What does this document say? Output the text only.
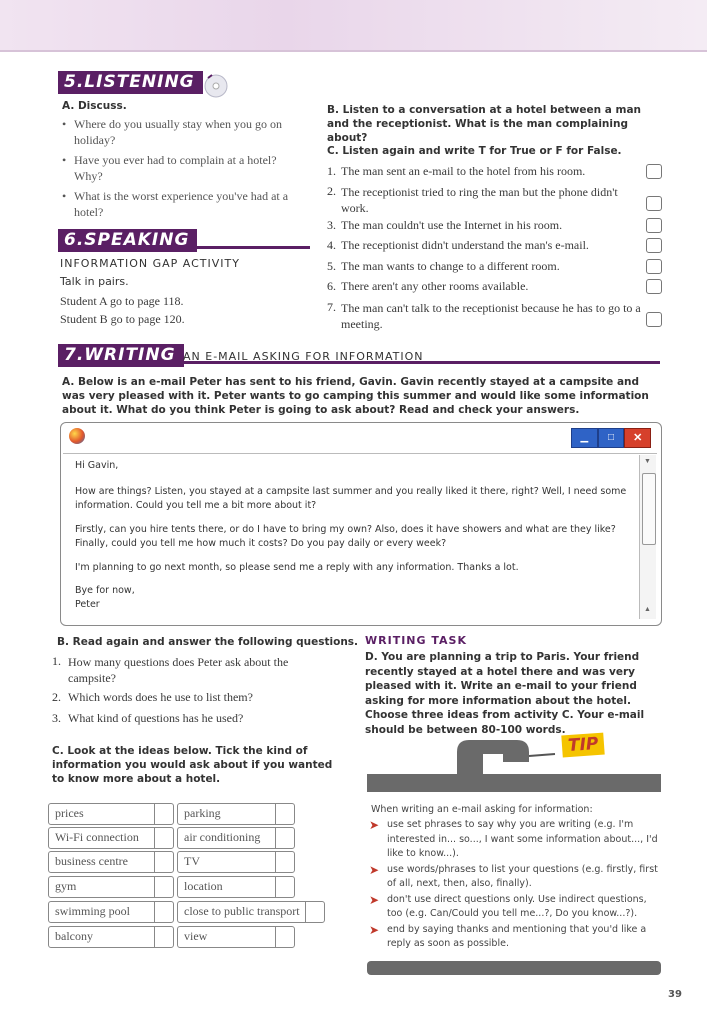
5.LISTENING
A. Discuss.
• Where do you usually stay when you go on holiday?
• Have you ever had to complain at a hotel? Why?
• What is the worst experience you've had at a hotel?
B. Listen to a conversation at a hotel between a man and the receptionist. What is the man complaining about?
C. Listen again and write T for True or F for False.
1. The man sent an e-mail to the hotel from his room.
2. The receptionist tried to ring the man but the phone didn't work.
3. The man couldn't use the Internet in his room.
4. The receptionist didn't understand the man's e-mail.
5. The man wants to change to a different room.
6. There aren't any other rooms available.
7. The man can't talk to the receptionist because he has to go to a meeting.
6.SPEAKING
INFORMATION GAP ACTIVITY
Talk in pairs.
Student A go to page 118.
Student B go to page 120.
7.WRITING AN E-MAIL ASKING FOR INFORMATION
A. Below is an e-mail Peter has sent to his friend, Gavin. Gavin recently stayed at a campsite and was very pleased with it. Peter wants to go camping this summer and would like some information about it. What do you think Peter is going to ask about? Read and check your answers.
▁	□	✕
▼
▲
Hi Gavin,
How are things? Listen, you stayed at a campsite last summer and you really liked it there, right? Well, I need some information. Could you tell me a bit more about it?
Firstly, can you hire tents there, or do I have to bring my own? Also, does it have showers and what are they like? Finally, could you tell me how much it costs? Do you pay daily or every week?
I'm planning to go next month, so please send me a reply with any information. Thanks a lot.
Bye for now,
Peter
B. Read again and answer the following questions.
1. How many questions does Peter ask about the campsite?
2. Which words does he use to list them?
3. What kind of questions has he used?
C. Look at the ideas below. Tick the kind of information you would ask about if you wanted to know more about a hotel.
prices
Wi-Fi connection
business centre
gym
swimming pool
balcony
parking
air conditioning
TV
location
close to public transport
view
WRITING TASK
D. You are planning a trip to Paris. Your friend recently stayed at a hotel there and was very pleased with it. Write an e-mail to your friend asking for more information about the hotel. Choose three ideas from activity C. Your e-mail should be between 80-100 words.
TIP
When writing an e-mail asking for information:
➤ use set phrases to say why you are writing (e.g. I'm interested in... so..., I want some information about..., I'd like to know...).
➤ use words/phrases to list your questions (e.g. firstly, first of all, next, then, also, finally).
➤ don't use direct questions only. Use indirect questions, too (e.g. Can/Could you tell me...?, Do you know...?).
➤ end by saying thanks and mentioning that you'd like a reply as soon as possible.
39
